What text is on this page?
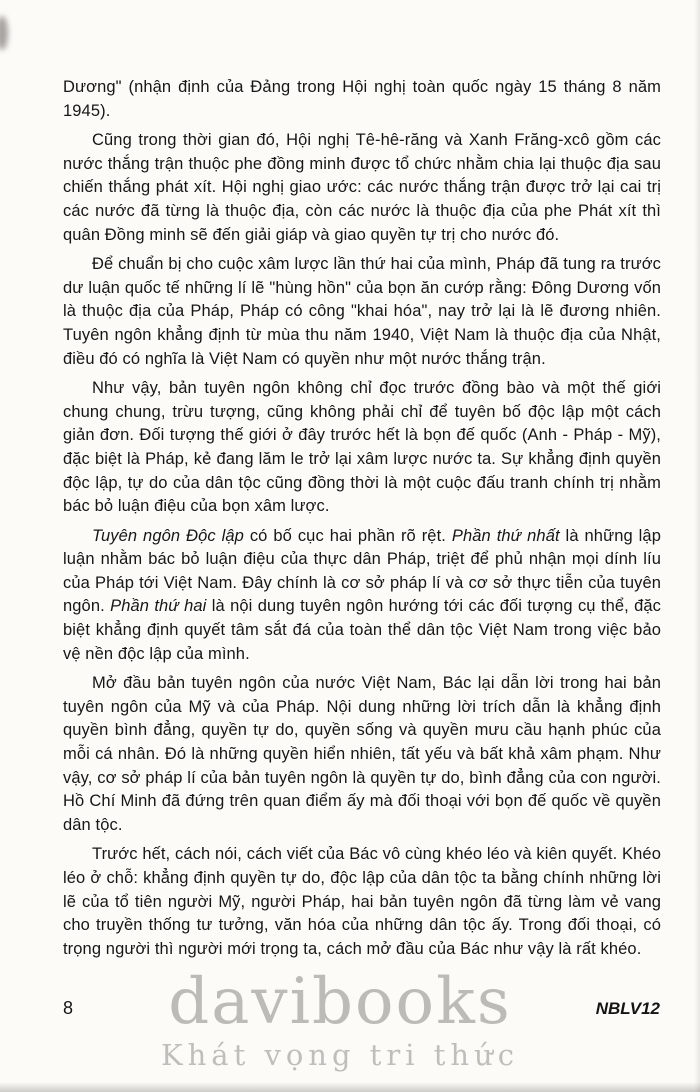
davibooks
Khát vọng tri thức

Dương" (nhận định của Đảng trong Hội nghị toàn quốc ngày 15 tháng 8 năm 1945).

Cũng trong thời gian đó, Hội nghị Tê-hê-răng và Xanh Frăng-xcô gồm các nước thắng trận thuộc phe đồng minh được tổ chức nhằm chia lại thuộc địa sau chiến thắng phát xít. Hội nghị giao ước: các nước thắng trận được trở lại cai trị các nước đã từng là thuộc địa, còn các nước là thuộc địa của phe Phát xít thì quân Đồng minh sẽ đến giải giáp và giao quyền tự trị cho nước đó.

Để chuẩn bị cho cuộc xâm lược lần thứ hai của mình, Pháp đã tung ra trước dư luận quốc tế những lí lẽ "hùng hồn" của bọn ăn cướp rằng: Đông Dương vốn là thuộc địa của Pháp, Pháp có công "khai hóa", nay trở lại là lẽ đương nhiên. Tuyên ngôn khẳng định từ mùa thu năm 1940, Việt Nam là thuộc địa của Nhật, điều đó có nghĩa là Việt Nam có quyền như một nước thắng trận.

Như vậy, bản tuyên ngôn không chỉ đọc trước đồng bào và một thế giới chung chung, trừu tượng, cũng không phải chỉ để tuyên bố độc lập một cách giản đơn. Đối tượng thế giới ở đây trước hết là bọn đế quốc (Anh - Pháp - Mỹ), đặc biệt là Pháp, kẻ đang lăm le trở lại xâm lược nước ta. Sự khẳng định quyền độc lập, tự do của dân tộc cũng đồng thời là một cuộc đấu tranh chính trị nhằm bác bỏ luận điệu của bọn xâm lược.

Tuyên ngôn Độc lập có bố cục hai phần rõ rệt. Phần thứ nhất là những lập luận nhằm bác bỏ luận điệu của thực dân Pháp, triệt để phủ nhận mọi dính líu của Pháp tới Việt Nam. Đây chính là cơ sở pháp lí và cơ sở thực tiễn của tuyên ngôn. Phần thứ hai là nội dung tuyên ngôn hướng tới các đối tượng cụ thể, đặc biệt khẳng định quyết tâm sắt đá của toàn thể dân tộc Việt Nam trong việc bảo vệ nền độc lập của mình.

Mở đầu bản tuyên ngôn của nước Việt Nam, Bác lại dẫn lời trong hai bản tuyên ngôn của Mỹ và của Pháp. Nội dung những lời trích dẫn là khẳng định quyền bình đẳng, quyền tự do, quyền sống và quyền mưu cầu hạnh phúc của mỗi cá nhân. Đó là những quyền hiển nhiên, tất yếu và bất khả xâm phạm. Như vậy, cơ sở pháp lí của bản tuyên ngôn là quyền tự do, bình đẳng của con người. Hồ Chí Minh đã đứng trên quan điểm ấy mà đối thoại với bọn đế quốc về quyền dân tộc.

Trước hết, cách nói, cách viết của Bác vô cùng khéo léo và kiên quyết. Khéo léo ở chỗ: khẳng định quyền tự do, độc lập của dân tộc ta bằng chính những lời lẽ của tổ tiên người Mỹ, người Pháp, hai bản tuyên ngôn đã từng làm vẻ vang cho truyền thống tư tưởng, văn hóa của những dân tộc ấy. Trong đối thoại, có trọng người thì người mới trọng ta, cách mở đầu của Bác như vậy là rất khéo.

8	NBLV12
